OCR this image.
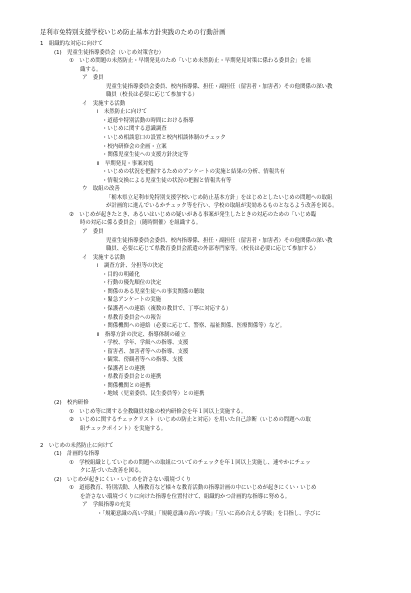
足利市免特別支援学校いじめ防止基本方針実践のための行動計画
1　組織的な対応に向けて
(1)　児童生徒指導委員会（いじめ対策含む）
①　いじめ問題の未然防止・早期発見のため「いじめ未然防止・早期発見対策に係わる委員会」を組
織する。
ア　委員
児童生徒指導委員会委員、校内指導係、担任・副担任（留害者・加害者）その他関係の深い教
職員（校長は必要に応じて参加する）
イ　実施する活動
ⅰ　未然防止に向けて
・道徳や特別活動の時間における指導
・いじめに関する意識調査
・いじめ相談窓口の設置と校内相談体制のチェック
・校内研修会の企画・立案
・関係児童生徒への支援方針決定等
ⅱ　早期発見・事案対処
・いじめの状況を把握するためのアンケートの実施と結果の分析、情報共有
・情報交換による児童生徒の状況の把握と情報共有等
ウ　取組の改善
「栃木県立足利市免特別支援学校いじめ防止基本方針」をはじめとしたいじめの問題への取組
が計画的に進んでいるかチェック等を行い、学校の取組が実効あるものとなるよう改善を図る。
②　いじめが起きたとき、あるいはいじめの疑いがある事案が発生したときの対応のための「いじめ臨
時の対応に係る委員会」（随時開催）を組織する。
ア　委員
児童生徒指導委員会委員、校内指導係、担任・副担任（留害者・加害者）その他関係の深い教
職員、必要に応じて県教育委員会派遣の外部専門家等。（校長は必要に応じて参加する）
イ　実施する活動
ⅰ　調査方針、分担等の決定
・目的の明確化
・行動の優先順位の決定
・関係のある児童生徒への事実関係の聴取
・緊急アンケートの実施
・保護者への連絡（複数の教員で、丁寧に対応する）
・県教育委員会への報告
・関係機関への連絡（必要に応じて、警察、福祉関係、医療関係等）など。
ⅱ　指導方針の決定、指導体制の確立
・学校、学年、学級への指導、支援
・留害者、加害者等への指導、支援
・観衆、傍観者等への指導、支援
・保護者との連携
・県教育委員会との連携
・関係機関との連携
・地域（児童委員、民生委員等）との連携
(2)　校内研修
①　いじめ等に関する全教職員対象の校内研修会を年１回以上実施する。
②　いじめに関するチェックリスト（いじめの防止と対応）を用いた自己診断（いじめの問題への取
組チェックポイント）を実施する。
2　いじめの未然防止に向けて
(1)　計画的な指導
①　学校組織としていじめの問題への取組についてのチェックを年１回以上実施し、速やかにチェッ
クに基づいた改善を図る。
(2)　いじめが起きにくい・いじめを許さない環境づくり
①　道徳教育、特別活動、人権教育など様々な教育活動の指導計画の中にいじめが起きにくい・いじめ
を許さない環境づくりに向けた指導を位置付けて、組織的かつ計画的な指導に努める。
ア　学級指導の充実
・「規範意識の高い学級」「規範意識の高い学級」「互いに高め合える学級」を目指し、学びに
